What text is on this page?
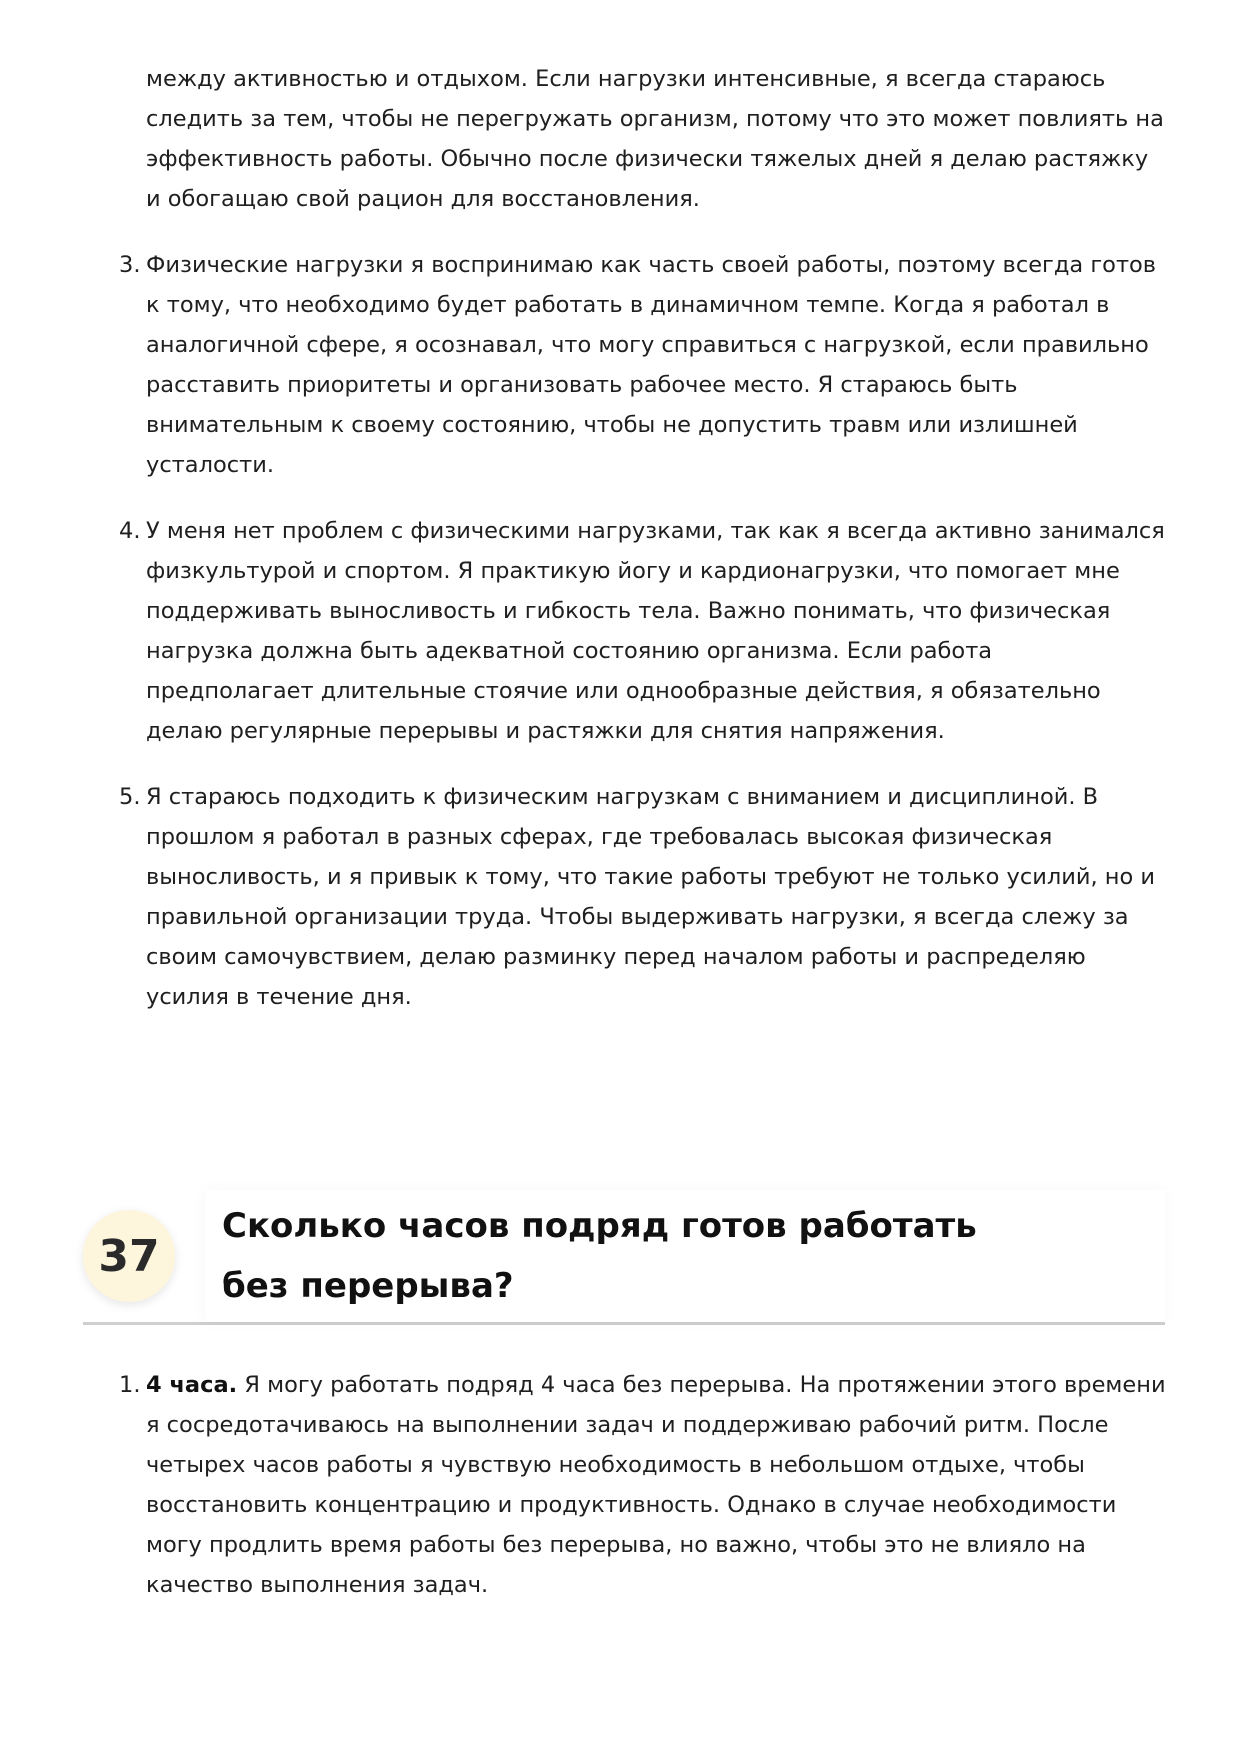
между активностью и отдыхом. Если нагрузки интенсивные, я всегда стараюсь следить за тем, чтобы не перегружать организм, потому что это может повлиять на эффективность работы. Обычно после физически тяжелых дней я делаю растяжку и обогащаю свой рацион для восстановления.
3. Физические нагрузки я воспринимаю как часть своей работы, поэтому всегда готов к тому, что необходимо будет работать в динамичном темпе. Когда я работал в аналогичной сфере, я осознавал, что могу справиться с нагрузкой, если правильно расставить приоритеты и организовать рабочее место. Я стараюсь быть внимательным к своему состоянию, чтобы не допустить травм или излишней усталости.
4. У меня нет проблем с физическими нагрузками, так как я всегда активно занимался физкультурой и спортом. Я практикую йогу и кардионагрузки, что помогает мне поддерживать выносливость и гибкость тела. Важно понимать, что физическая нагрузка должна быть адекватной состоянию организма. Если работа предполагает длительные стоячие или однообразные действия, я обязательно делаю регулярные перерывы и растяжки для снятия напряжения.
5. Я стараюсь подходить к физическим нагрузкам с вниманием и дисциплиной. В прошлом я работал в разных сферах, где требовалась высокая физическая выносливость, и я привык к тому, что такие работы требуют не только усилий, но и правильной организации труда. Чтобы выдерживать нагрузки, я всегда слежу за своим самочувствием, делаю разминку перед началом работы и распределяю усилия в течение дня.
37
Сколько часов подряд готов работать без перерыва?
1. 4 часа. Я могу работать подряд 4 часа без перерыва. На протяжении этого времени я сосредотачиваюсь на выполнении задач и поддерживаю рабочий ритм. После четырех часов работы я чувствую необходимость в небольшом отдыхе, чтобы восстановить концентрацию и продуктивность. Однако в случае необходимости могу продлить время работы без перерыва, но важно, чтобы это не влияло на качество выполнения задач.
